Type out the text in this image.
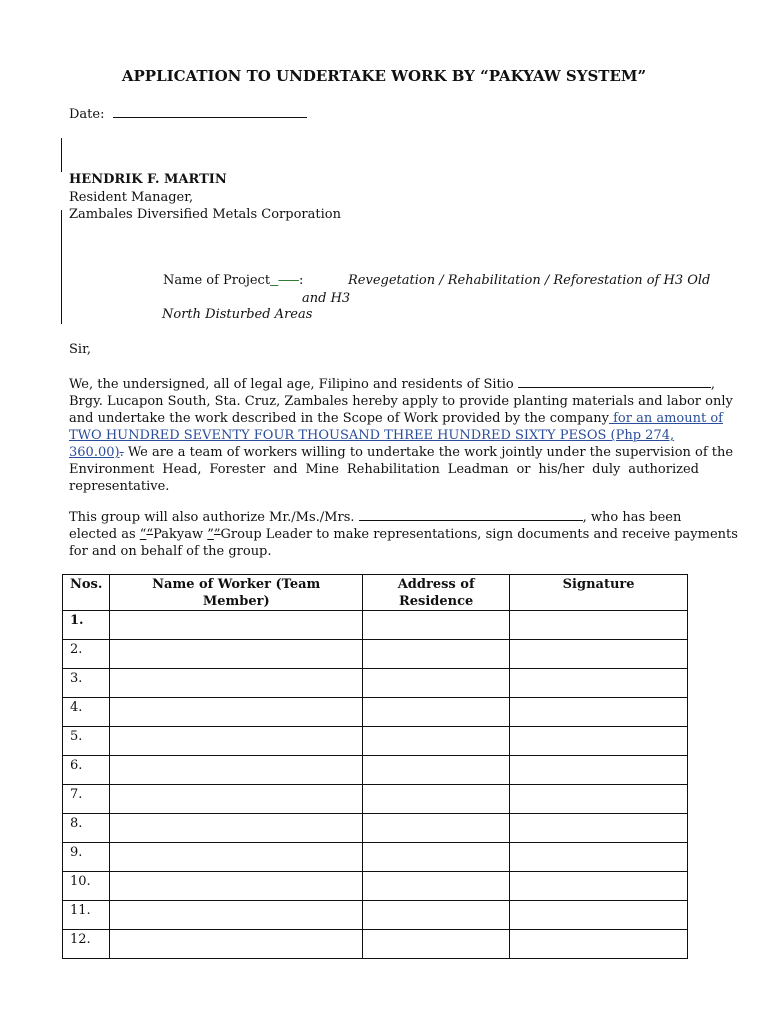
APPLICATION TO UNDERTAKE WORK BY “PAKYAW SYSTEM”
Date:
HENDRIK F. MARTIN
Resident Manager,
Zambales Diversified Metals Corporation
Name of Project :	Revegetation / Rehabilitation / Reforestation of H3 Old
and H3
North Disturbed Areas
Sir,
We, the undersigned, all of legal age, Filipino and residents of Sitio	,
Brgy. Lucapon South, Sta. Cruz, Zambales hereby apply to provide planting materials and labor only
and undertake the work described in the Scope of Work provided by the company for an amount of
TWO HUNDRED SEVENTY FOUR THOUSAND THREE HUNDRED SIXTY PESOS (Php 274,
360.00). We are a team of workers willing to undertake the work jointly under the supervision of the
Environment Head, Forester and Mine Rehabilitation Leadman or his/her duly authorized
representative.
This group will also authorize Mr./Ms./Mrs.	, who has been
elected as ““Pakyaw ””Group Leader to make representations, sign documents and receive payments
for and on behalf of the group.
Nos.	Name of Worker (Team Member)	Address of Residence	Signature
1.			
2.			
3.			
4.			
5.			
6.			
7.			
8.			
9.			
10.			
11.			
12.			
